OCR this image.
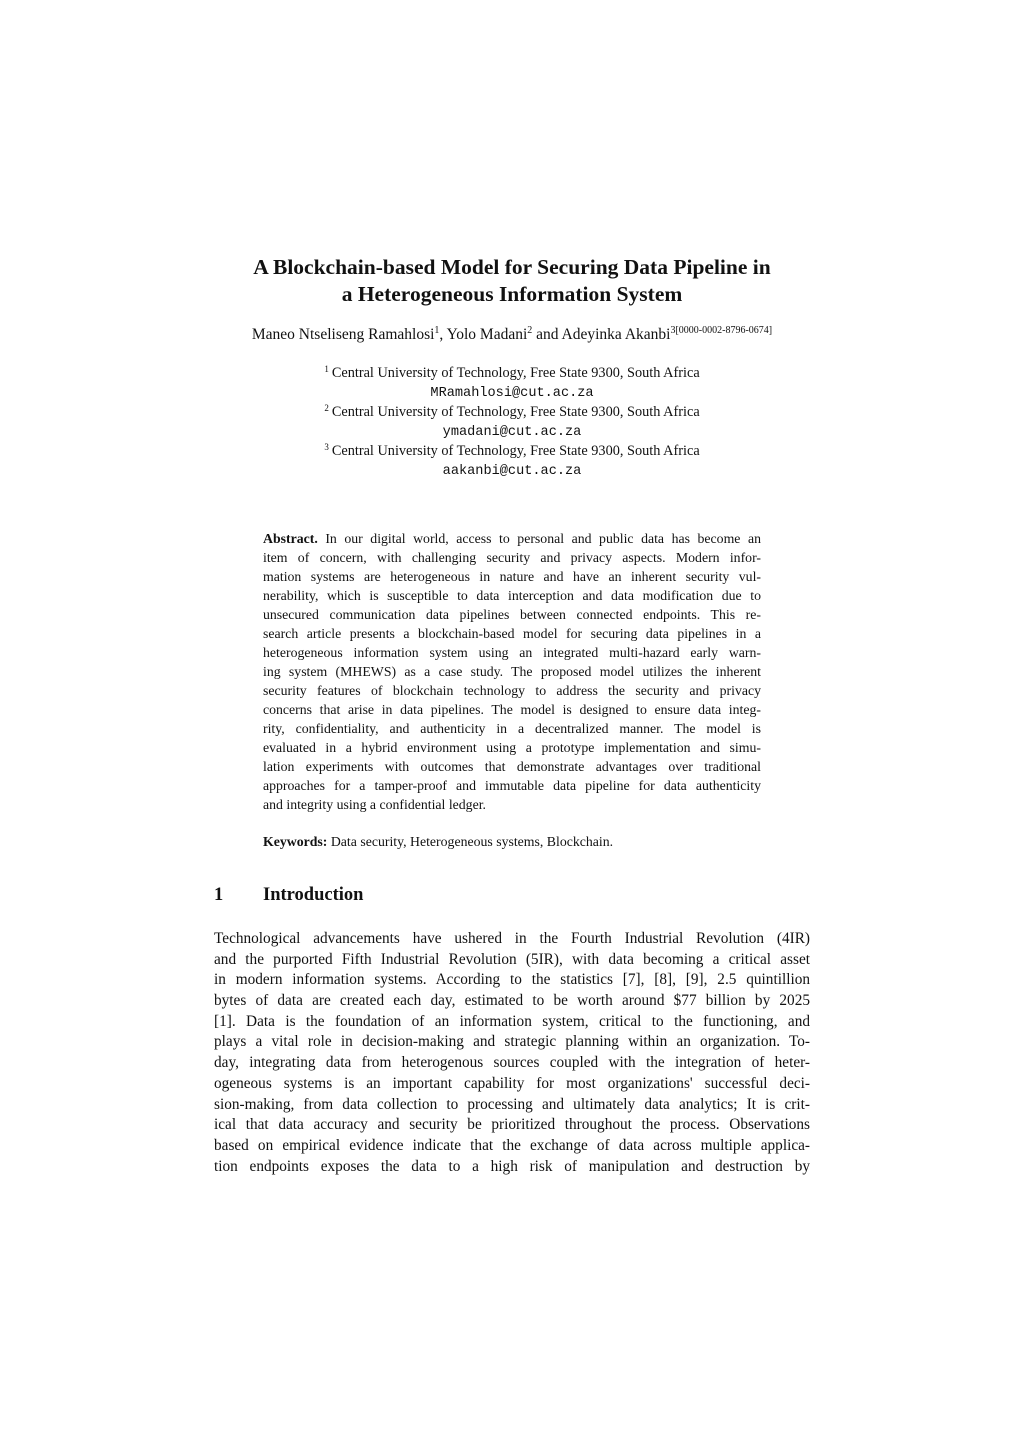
A Blockchain-based Model for Securing Data Pipeline in
a Heterogeneous Information System
Maneo Ntseliseng Ramahlosi$^1$, Yolo Madani$^2$ and Adeyinka Akanbi$^{3[0000-0002-8796-0674]}$
$^1$ Central University of Technology, Free State 9300, South Africa
MRamahlosi@cut.ac.za
$^2$ Central University of Technology, Free State 9300, South Africa
ymadani@cut.ac.za
$^3$ Central University of Technology, Free State 9300, South Africa
aakanbi@cut.ac.za
Abstract. In our digital world, access to personal and public data has become an
item of concern, with challenging security and privacy aspects. Modern infor-
mation systems are heterogeneous in nature and have an inherent security vul-
nerability, which is susceptible to data interception and data modification due to
unsecured communication data pipelines between connected endpoints. This re-
search article presents a blockchain-based model for securing data pipelines in a
heterogeneous information system using an integrated multi-hazard early warn-
ing system (MHEWS) as a case study. The proposed model utilizes the inherent
security features of blockchain technology to address the security and privacy
concerns that arise in data pipelines. The model is designed to ensure data integ-
rity, confidentiality, and authenticity in a decentralized manner. The model is
evaluated in a hybrid environment using a prototype implementation and simu-
lation experiments with outcomes that demonstrate advantages over traditional
approaches for a tamper-proof and immutable data pipeline for data authenticity
and integrity using a confidential ledger.
Keywords: Data security, Heterogeneous systems, Blockchain.
1 Introduction
Technological advancements have ushered in the Fourth Industrial Revolution (4IR)
and the purported Fifth Industrial Revolution (5IR), with data becoming a critical asset
in modern information systems. According to the statistics [7], [8], [9], 2.5 quintillion
bytes of data are created each day, estimated to be worth around $77 billion by 2025
[1]. Data is the foundation of an information system, critical to the functioning, and
plays a vital role in decision-making and strategic planning within an organization. To-
day, integrating data from heterogenous sources coupled with the integration of heter-
ogeneous systems is an important capability for most organizations' successful deci-
sion-making, from data collection to processing and ultimately data analytics; It is crit-
ical that data accuracy and security be prioritized throughout the process. Observations
based on empirical evidence indicate that the exchange of data across multiple applica-
tion endpoints exposes the data to a high risk of manipulation and destruction by
